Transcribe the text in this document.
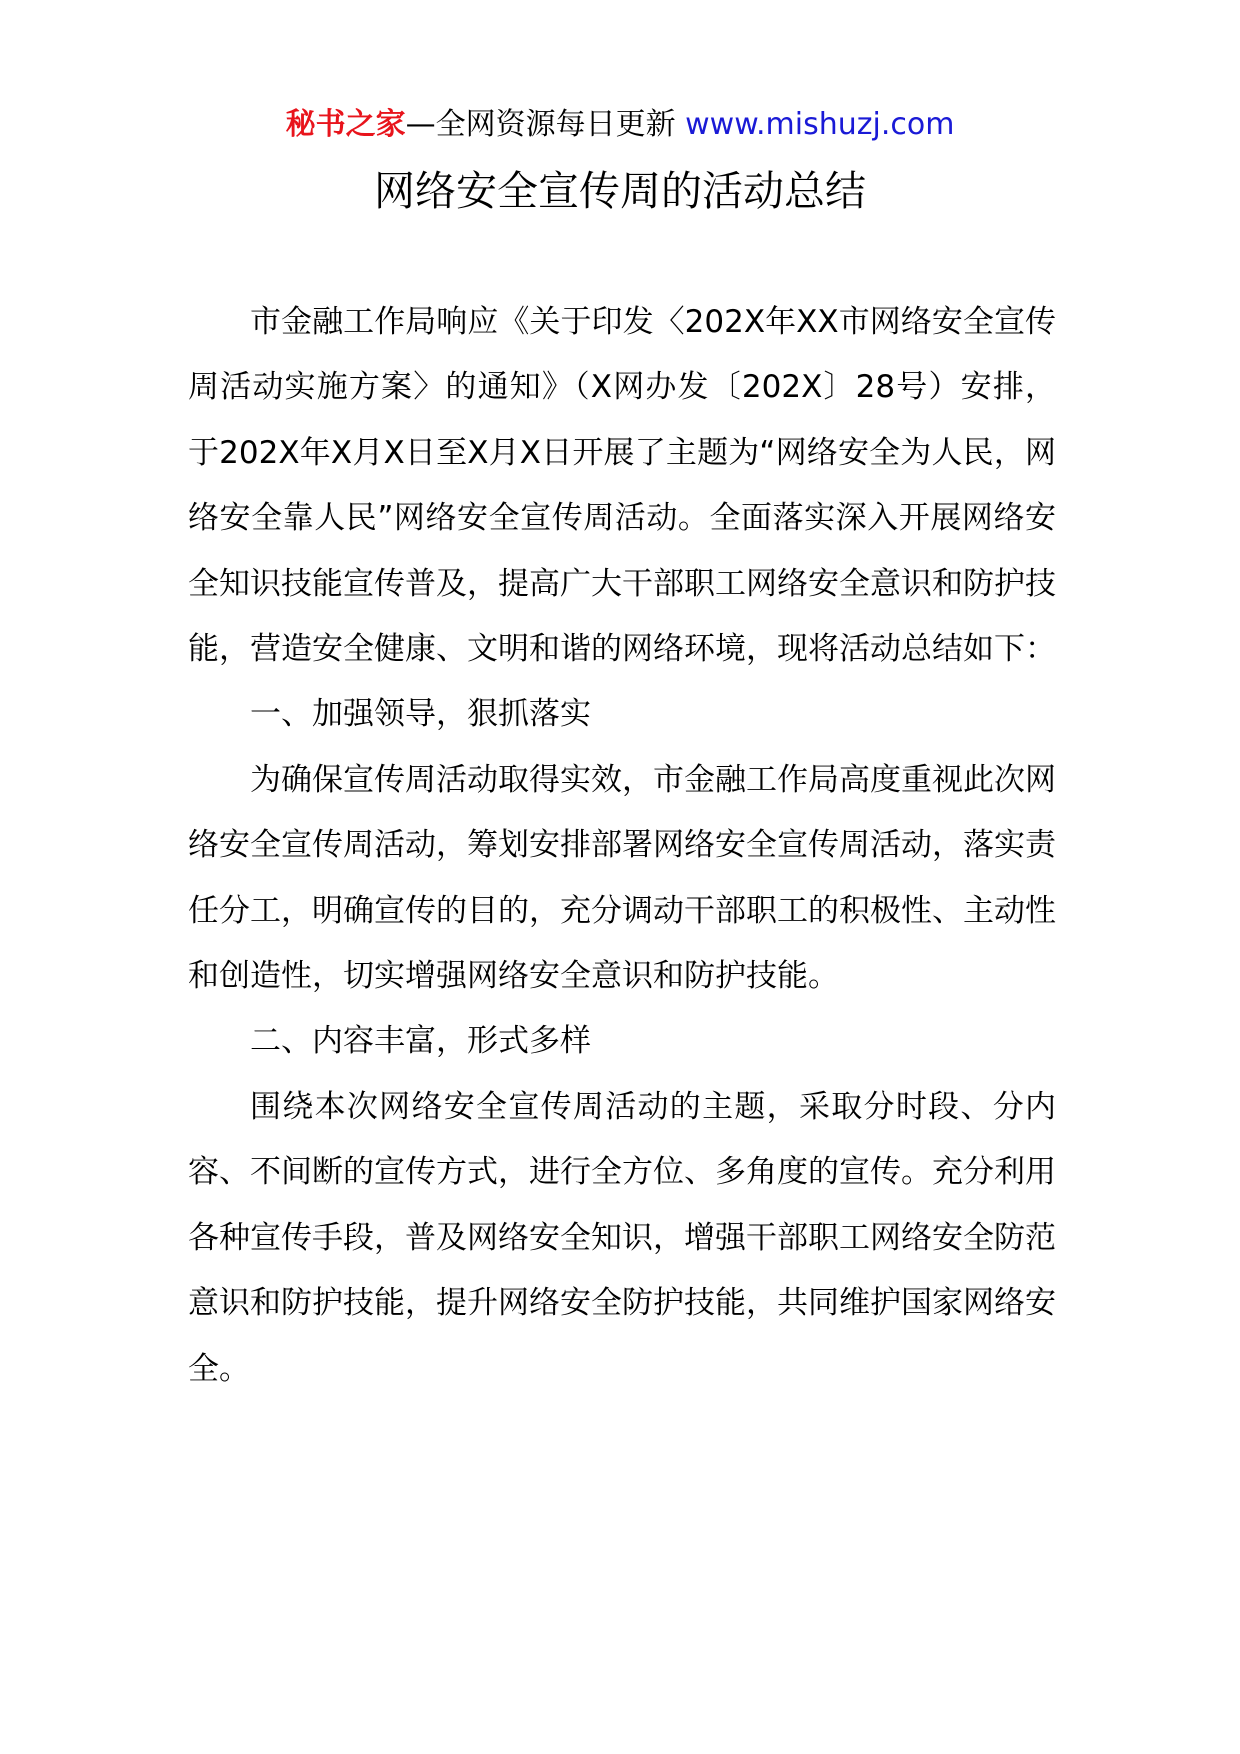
秘书之家—全网资源每日更新 www.mishuzj.com
网络安全宣传周的活动总结

市金融工作局响应《关于印发〈202X年XX市网络安全宣传周活动实施方案〉的通知》（X网办发〔202X〕28号）安排，于202X年X月X日至X月X日开展了主题为“网络安全为人民，网络安全靠人民”网络安全宣传周活动。全面落实深入开展网络安全知识技能宣传普及，提高广大干部职工网络安全意识和防护技能，营造安全健康、文明和谐的网络环境，现将活动总结如下：

一、加强领导，狠抓落实

为确保宣传周活动取得实效，市金融工作局高度重视此次网络安全宣传周活动，筹划安排部署网络安全宣传周活动，落实责任分工，明确宣传的目的，充分调动干部职工的积极性、主动性和创造性，切实增强网络安全意识和防护技能。

二、内容丰富，形式多样

围绕本次网络安全宣传周活动的主题，采取分时段、分内容、不间断的宣传方式，进行全方位、多角度的宣传。充分利用各种宣传手段，普及网络安全知识，增强干部职工网络安全防范意识和防护技能，提升网络安全防护技能，共同维护国家网络安全。
